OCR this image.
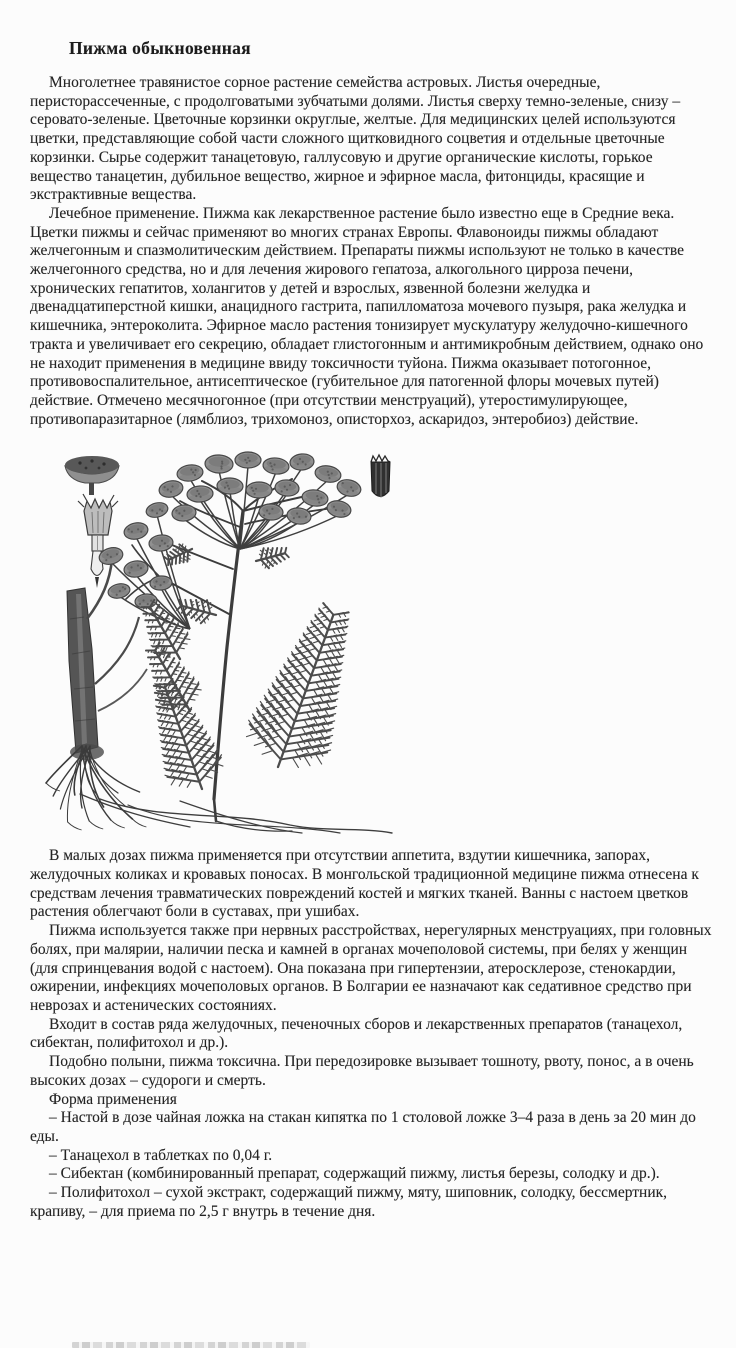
Пижма обыкновенная

Многолетнее травянистое сорное растение семейства астровых. Листья очередные, перисторассеченные, с продолговатыми зубчатыми долями. Листья сверху темно-зеленые, снизу – серовато-зеленые. Цветочные корзинки округлые, желтые. Для медицинских целей используются цветки, представляющие собой части сложного щитковидного соцветия и отдельные цветочные корзинки. Сырье содержит танацетовую, галлусовую и другие органические кислоты, горькое вещество танацетин, дубильное вещество, жирное и эфирное масла, фитонциды, красящие и экстрактивные вещества.

Лечебное применение. Пижма как лекарственное растение было известно еще в Средние века. Цветки пижмы и сейчас применяют во многих странах Европы. Флавоноиды пижмы обладают желчегонным и спазмолитическим действием. Препараты пижмы используют не только в качестве желчегонного средства, но и для лечения жирового гепатоза, алкогольного цирроза печени, хронических гепатитов, холангитов у детей и взрослых, язвенной болезни желудка и двенадцатиперстной кишки, анацидного гастрита, папилломатоза мочевого пузыря, рака желудка и кишечника, энтероколита. Эфирное масло растения тонизирует мускулатуру желудочно-кишечного тракта и увеличивает его секрецию, обладает глистогонным и антимикробным действием, однако оно не находит применения в медицине ввиду токсичности туйона. Пижма оказывает потогонное, противовоспалительное, антисептическое (губительное для патогенной флоры мочевых путей) действие. Отмечено месячногонное (при отсутствии менструаций), утеростимулирующее, противопаразитарное (лямблиоз, трихомоноз, описторхоз, аскаридоз, энтеробиоз) действие.

В малых дозах пижма применяется при отсутствии аппетита, вздутии кишечника, запорах, желудочных коликах и кровавых поносах. В монгольской традиционной медицине пижма отнесена к средствам лечения травматических повреждений костей и мягких тканей. Ванны с настоем цветков растения облегчают боли в суставах, при ушибах.

Пижма используется также при нервных расстройствах, нерегулярных менструациях, при головных болях, при малярии, наличии песка и камней в органах мочеполовой системы, при белях у женщин (для спринцевания водой с настоем). Она показана при гипертензии, атеросклерозе, стенокардии, ожирении, инфекциях мочеполовых органов. В Болгарии ее назначают как седативное средство при неврозах и астенических состояниях.

Входит в состав ряда желудочных, печеночных сборов и лекарственных препаратов (танацехол, сибектан, полифитохол и др.).

Подобно полыни, пижма токсична. При передозировке вызывает тошноту, рвоту, понос, а в очень высоких дозах – судороги и смерть.

Форма применения

– Настой в дозе чайная ложка на стакан кипятка по 1 столовой ложке 3–4 раза в день за 20 мин до еды.

– Танацехол в таблетках по 0,04 г.

– Сибектан (комбинированный препарат, содержащий пижму, листья березы, солодку и др.).

– Полифитохол – сухой экстракт, содержащий пижму, мяту, шиповник, солодку, бессмертник, крапиву, – для приема по 2,5 г внутрь в течение дня.
